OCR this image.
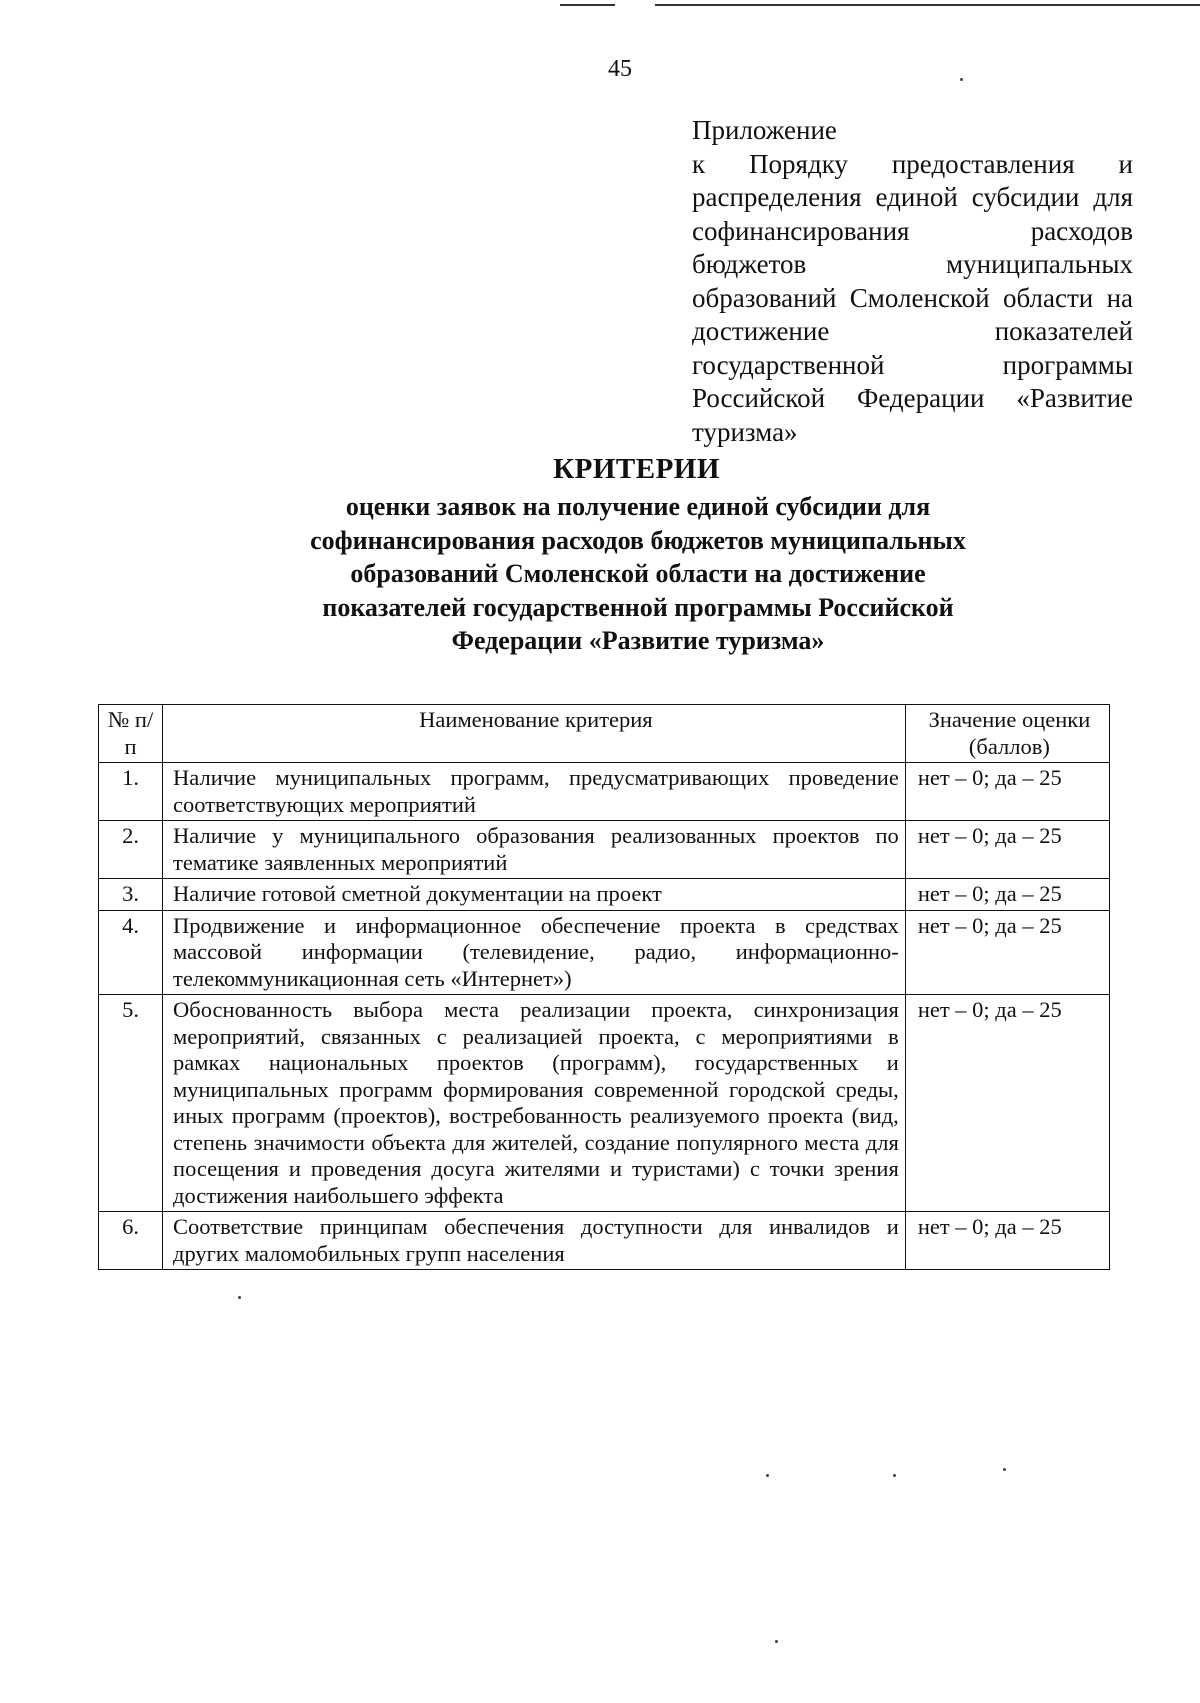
45
Приложение
к Порядку предоставления и распределения единой субсидии для софинансирования расходов бюджетов муниципальных образований Смоленской области на достижение показателей государственной программы Российской Федерации «Развитие туризма»
КРИТЕРИИ
оценки заявок на получение единой субсидии для софинансирования расходов бюджетов муниципальных образований Смоленской области на достижение показателей государственной программы Российской Федерации «Развитие туризма»
№ п/п	Наименование критерия	Значение оценки (баллов)
1.	Наличие муниципальных программ, предусматривающих проведение соответствующих мероприятий	нет – 0; да – 25
2.	Наличие у муниципального образования реализованных проектов по тематике заявленных мероприятий	нет – 0; да – 25
3.	Наличие готовой сметной документации на проект	нет – 0; да – 25
4.	Продвижение и информационное обеспечение проекта в средствах массовой информации (телевидение, радио, информационно-телекоммуникационная сеть «Интернет»)	нет – 0; да – 25
5.	Обоснованность выбора места реализации проекта, синхронизация мероприятий, связанных с реализацией проекта, с мероприятиями в рамках национальных проектов (программ), государственных и муниципальных программ формирования современной городской среды, иных программ (проектов), востребованность реализуемого проекта (вид, степень значимости объекта для жителей, создание популярного места для посещения и проведения досуга жителями и туристами) с точки зрения достижения наибольшего эффекта	нет – 0; да – 25
6.	Соответствие принципам обеспечения доступности для инвалидов и других маломобильных групп населения	нет – 0; да – 25
